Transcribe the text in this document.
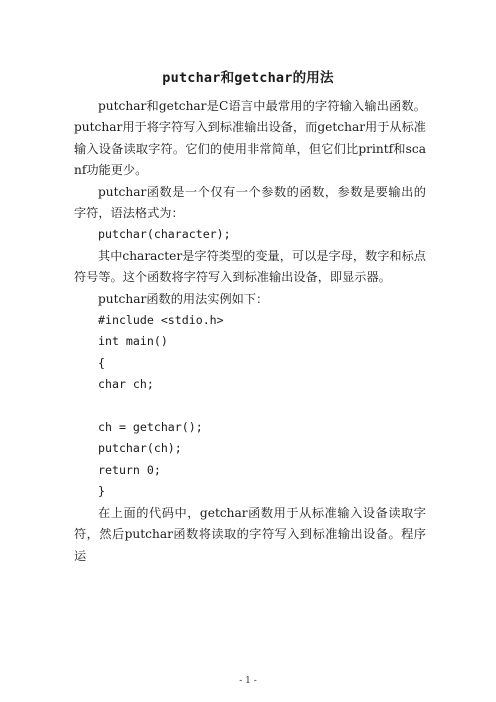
putchar和getchar的用法

putchar和getchar是C语言中最常用的字符输入输出函数。putchar用于将字符写入到标准输出设备，而getchar用于从标准输入设备读取字符。它们的使用非常简单，但它们比printf和scanf功能更少。

putchar函数是一个仅有一个参数的函数，参数是要输出的字符，语法格式为：

putchar(character);

其中character是字符类型的变量，可以是字母，数字和标点符号等。这个函数将字符写入到标准输出设备，即显示器。

putchar函数的用法实例如下：

#include <stdio.h>

int main()

{

char ch;

ch = getchar();

putchar(ch);

return 0;

}

在上面的代码中，getchar函数用于从标准输入设备读取字符，然后putchar函数将读取的字符写入到标准输出设备。程序运

- 1 -
